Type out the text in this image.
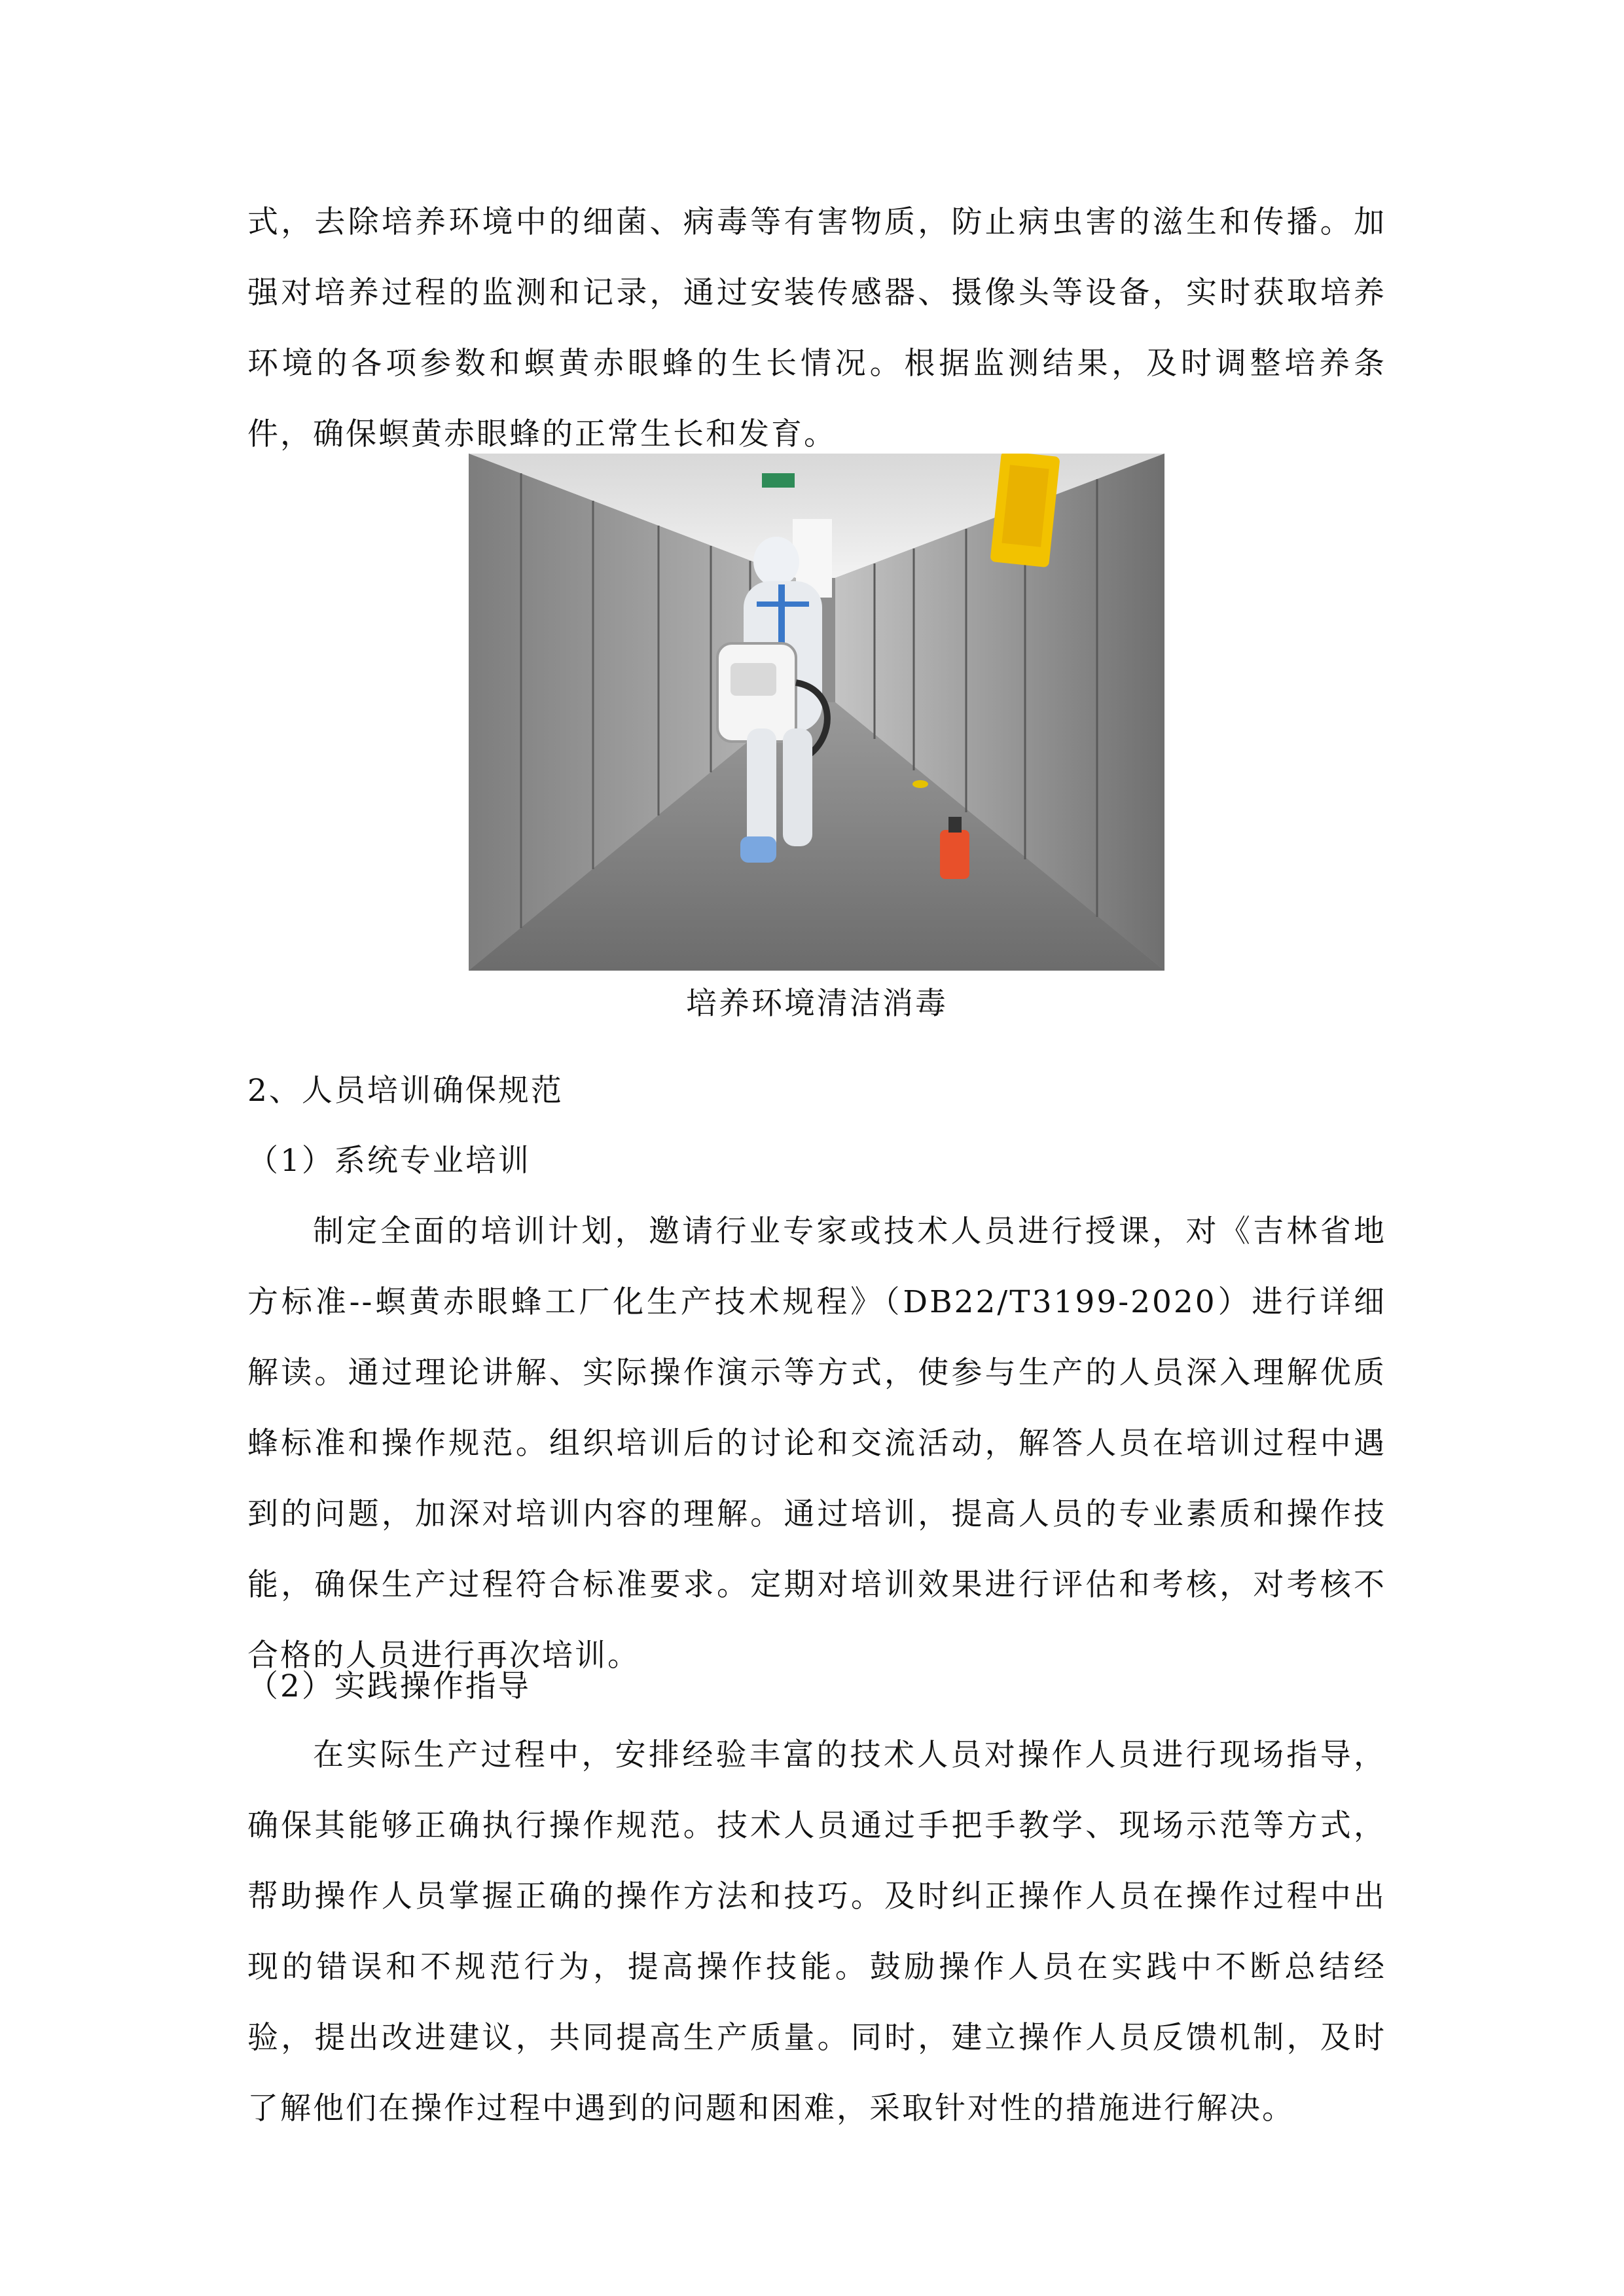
式，去除培养环境中的细菌、病毒等有害物质，防止病虫害的滋生和传播。加强对培养过程的监测和记录，通过安装传感器、摄像头等设备，实时获取培养环境的各项参数和螟黄赤眼蜂的生长情况。根据监测结果，及时调整培养条件，确保螟黄赤眼蜂的正常生长和发育。
培养环境清洁消毒
2、人员培训确保规范
（1）系统专业培训
制定全面的培训计划，邀请行业专家或技术人员进行授课，对《吉林省地方标准--螟黄赤眼蜂工厂化生产技术规程》（DB22/T3199-2020）进行详细解读。通过理论讲解、实际操作演示等方式，使参与生产的人员深入理解优质蜂标准和操作规范。组织培训后的讨论和交流活动，解答人员在培训过程中遇到的问题，加深对培训内容的理解。通过培训，提高人员的专业素质和操作技能，确保生产过程符合标准要求。定期对培训效果进行评估和考核，对考核不合格的人员进行再次培训。
（2）实践操作指导
在实际生产过程中，安排经验丰富的技术人员对操作人员进行现场指导，确保其能够正确执行操作规范。技术人员通过手把手教学、现场示范等方式，帮助操作人员掌握正确的操作方法和技巧。及时纠正操作人员在操作过程中出现的错误和不规范行为，提高操作技能。鼓励操作人员在实践中不断总结经验，提出改进建议，共同提高生产质量。同时，建立操作人员反馈机制，及时了解他们在操作过程中遇到的问题和困难，采取针对性的措施进行解决。
